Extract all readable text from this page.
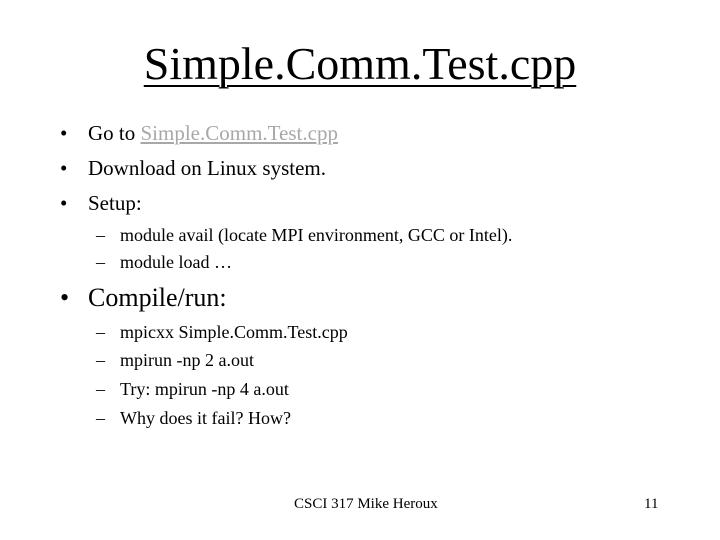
Simple.Comm.Test.cpp
• Go to Simple.Comm.Test.cpp
• Download on Linux system.
• Setup:
– module avail (locate MPI environment, GCC or Intel).
– module load …
• Compile/run:
– mpicxx Simple.Comm.Test.cpp
– mpirun -np 2 a.out
– Try: mpirun -np 4 a.out
– Why does it fail? How?
CSCI 317 Mike Heroux	11
